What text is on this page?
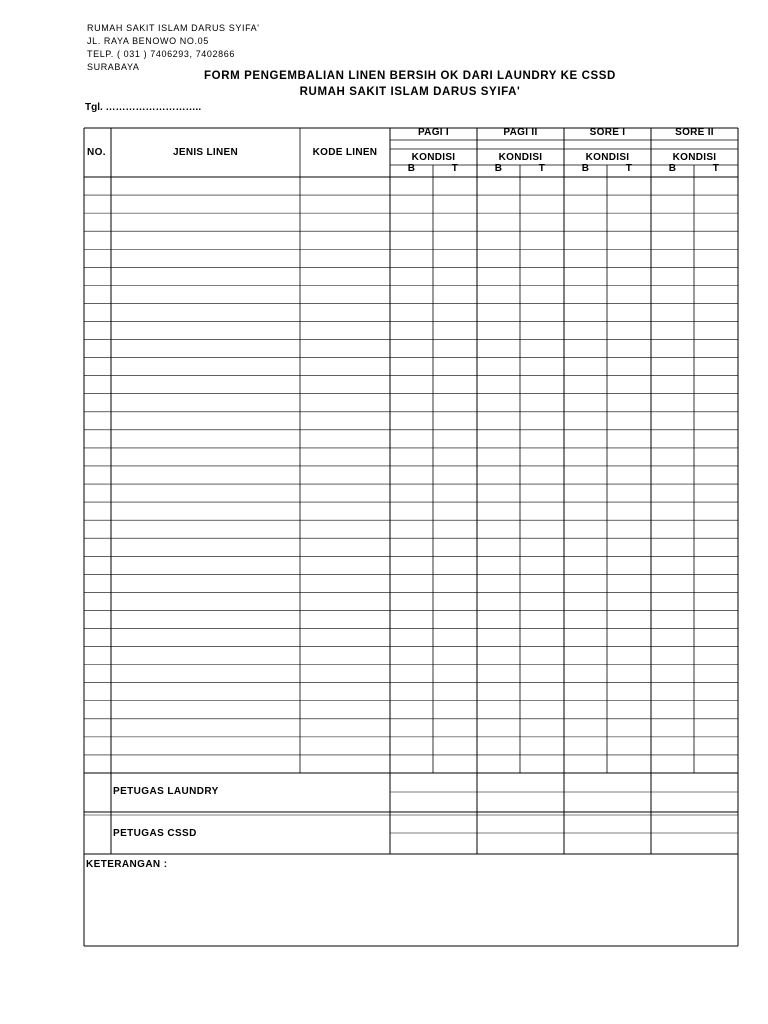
RUMAH SAKIT ISLAM DARUS SYIFA'
JL. RAYA BENOWO NO.05
TELP. ( 031 ) 7406293, 7402866
SURABAYA
FORM PENGEMBALIAN LINEN BERSIH OK DARI LAUNDRY KE CSSD
RUMAH SAKIT ISLAM DARUS SYIFA'
Tgl. ………………………..
NO.	JENIS LINEN	KODE LINEN
PAGI I	PAGI II	SORE I	SORE II
KONDISI	KONDISI	KONDISI	KONDISI
B	T	B	T	B	T	B	T
PETUGAS LAUNDRY
PETUGAS CSSD
KETERANGAN :
